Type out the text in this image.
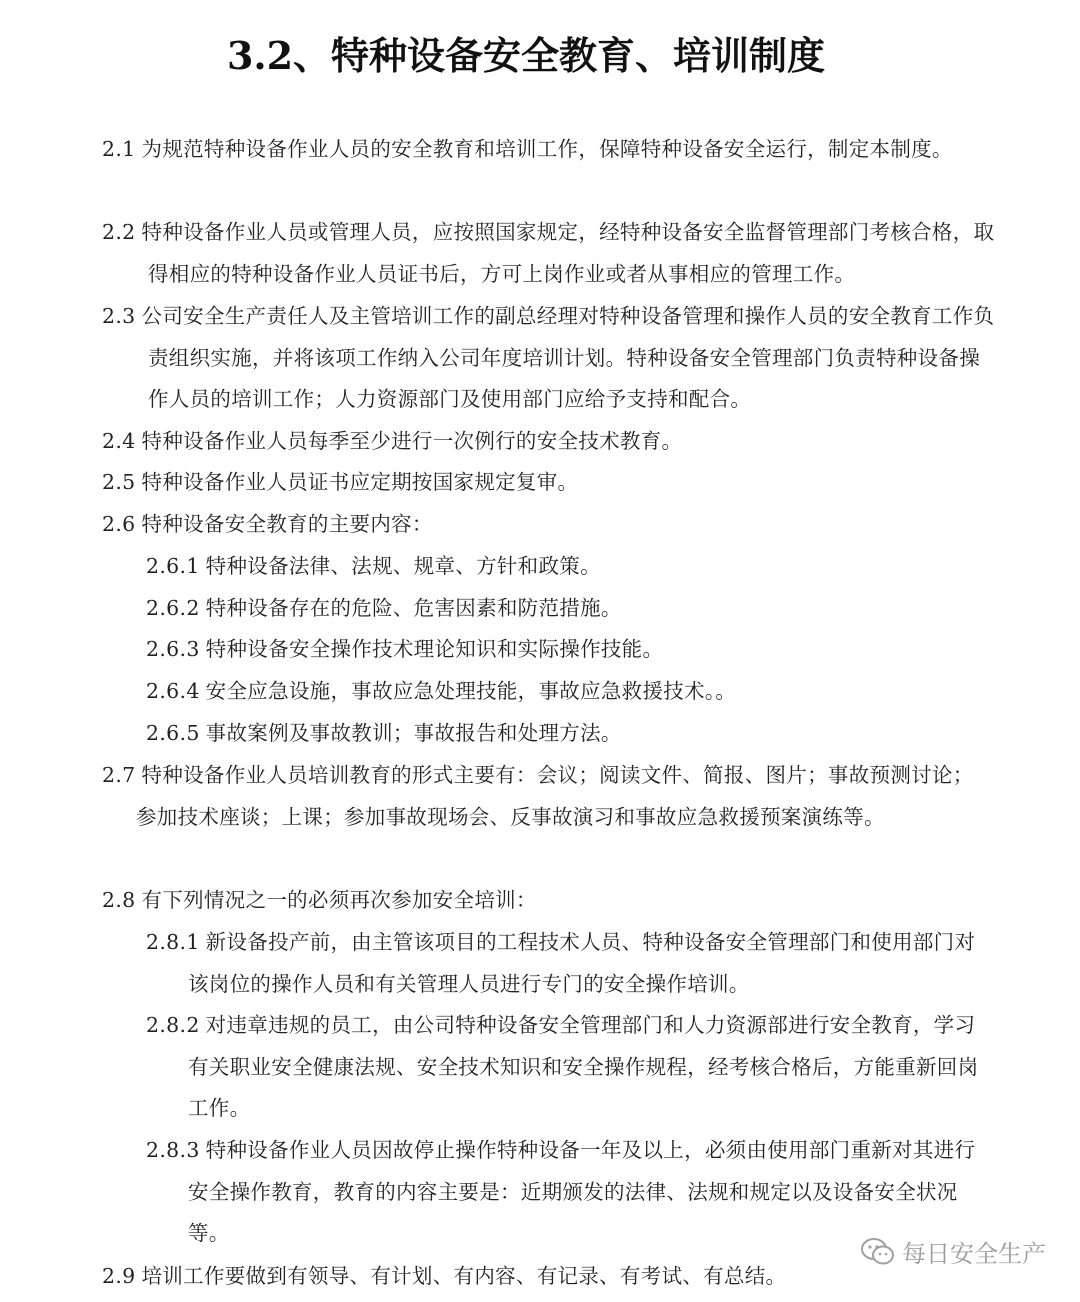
3.2、特种设备安全教育、培训制度

2.1 为规范特种设备作业人员的安全教育和培训工作，保障特种设备安全运行，制定本制度。

2.2 特种设备作业人员或管理人员，应按照国家规定，经特种设备安全监督管理部门考核合格，取得相应的特种设备作业人员证书后，方可上岗作业或者从事相应的管理工作。

2.3 公司安全生产责任人及主管培训工作的副总经理对特种设备管理和操作人员的安全教育工作负责组织实施，并将该项工作纳入公司年度培训计划。特种设备安全管理部门负责特种设备操作人员的培训工作；人力资源部门及使用部门应给予支持和配合。

2.4 特种设备作业人员每季至少进行一次例行的安全技术教育。

2.5 特种设备作业人员证书应定期按国家规定复审。

2.6 特种设备安全教育的主要内容：

2.6.1 特种设备法律、法规、规章、方针和政策。

2.6.2 特种设备存在的危险、危害因素和防范措施。

2.6.3 特种设备安全操作技术理论知识和实际操作技能。

2.6.4 安全应急设施，事故应急处理技能，事故应急救援技术。。

2.6.5 事故案例及事故教训；事故报告和处理方法。

2.7 特种设备作业人员培训教育的形式主要有：会议；阅读文件、简报、图片；事故预测讨论；参加技术座谈；上课；参加事故现场会、反事故演习和事故应急救援预案演练等。

2.8 有下列情况之一的必须再次参加安全培训：

2.8.1 新设备投产前，由主管该项目的工程技术人员、特种设备安全管理部门和使用部门对该岗位的操作人员和有关管理人员进行专门的安全操作培训。

2.8.2 对违章违规的员工，由公司特种设备安全管理部门和人力资源部进行安全教育，学习有关职业安全健康法规、安全技术知识和安全操作规程，经考核合格后，方能重新回岗工作。

2.8.3 特种设备作业人员因故停止操作特种设备一年及以上，必须由使用部门重新对其进行安全操作教育，教育的内容主要是：近期颁发的法律、法规和规定以及设备安全状况等。

2.9 培训工作要做到有领导、有计划、有内容、有记录、有考试、有总结。

每日安全生产
